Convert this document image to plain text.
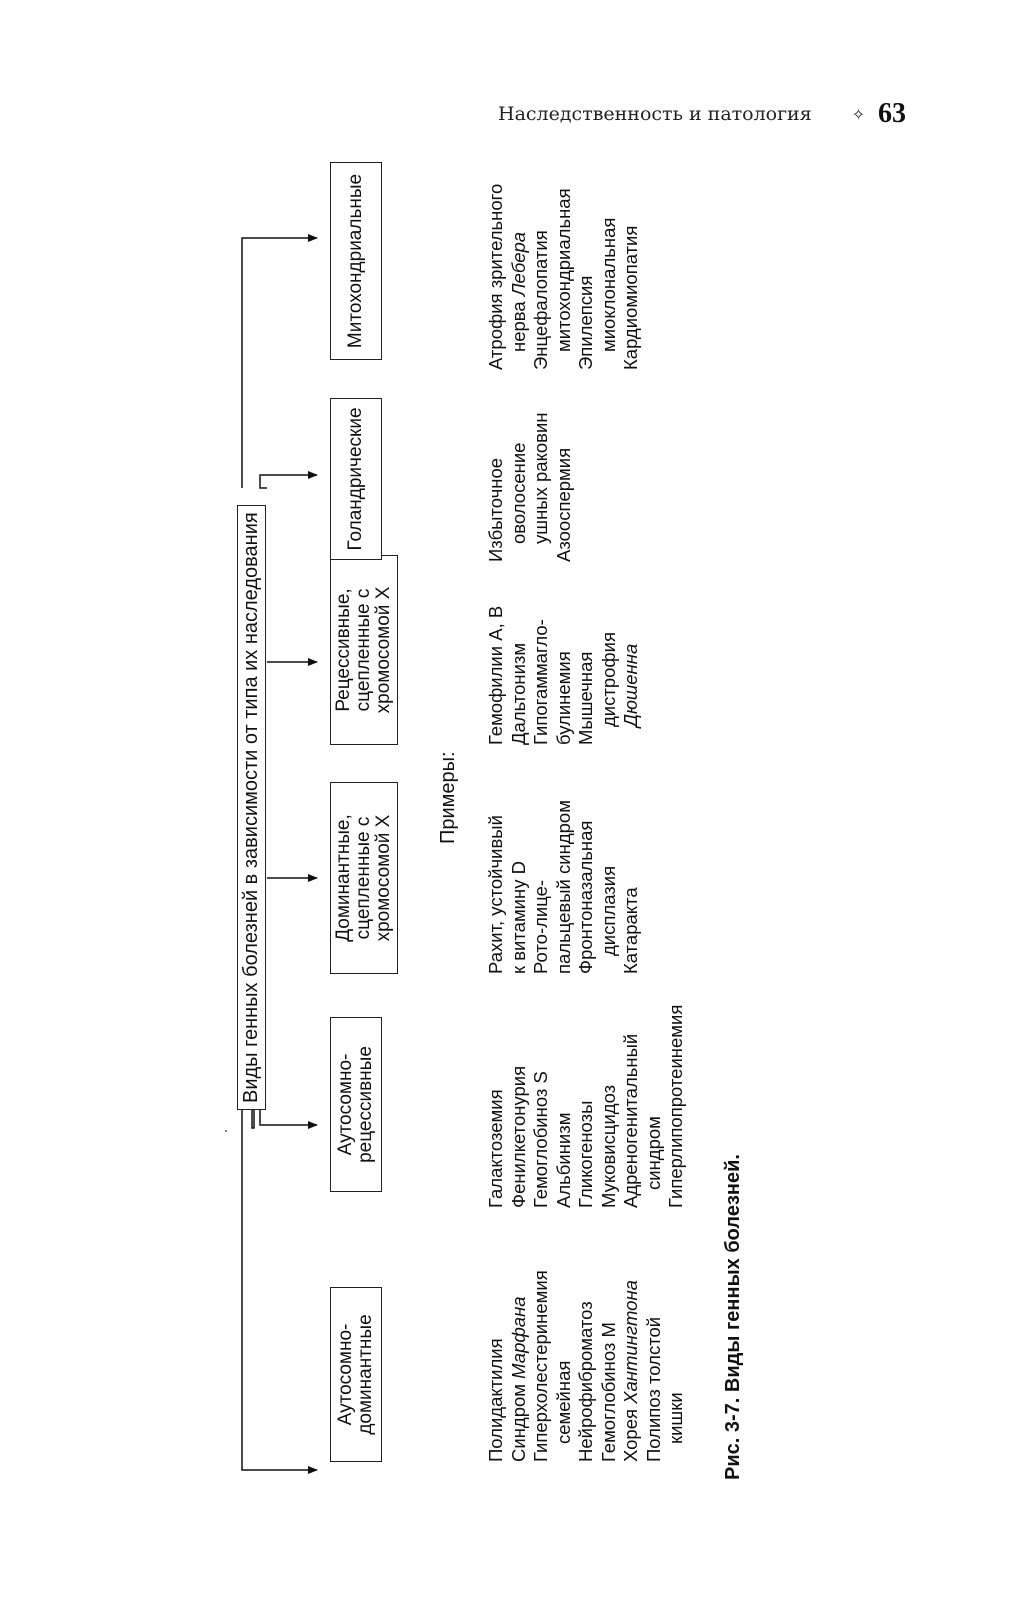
Наследственность и патология	✧ 63
Виды генных болезней в зависимости от типа их наследования
Аутосомно-
доминантные
Аутосомно-
рецессивные
Доминантные,
сцепленные с
хромосомой Х
Рецессивные,
сцепленные с
хромосомой Х
Голандрические
Митохондриальные
Примеры:
Полидактилия Синдром Марфана Гиперхолестеринемия семейная Нейрофиброматоз Гемоглобиноз М Хорея Хантингтона Полипоз толстой кишки
Галактоземия Фенилкетонурия Гемоглобиноз S Альбинизм Гликогенозы Муковисцидоз Адреногенитальный синдром Гиперлипопротеинемия
Рахит, устойчивый к витамину D Рото-лице- пальцевый синдром Фронтоназальная дисплазия Катаракта
Гемофилии А, В Дальтонизм Гипогаммагло- булинемия Мышечная дистрофия Дюшенна
Избыточное оволосение ушных раковин Азооспермия
Атрофия зрительного нерва Лебера Энцефалопатия митохондриальная Эпилепсия миоклональная Кардиомиопатия
Рис. 3-7. Виды генных болезней.
